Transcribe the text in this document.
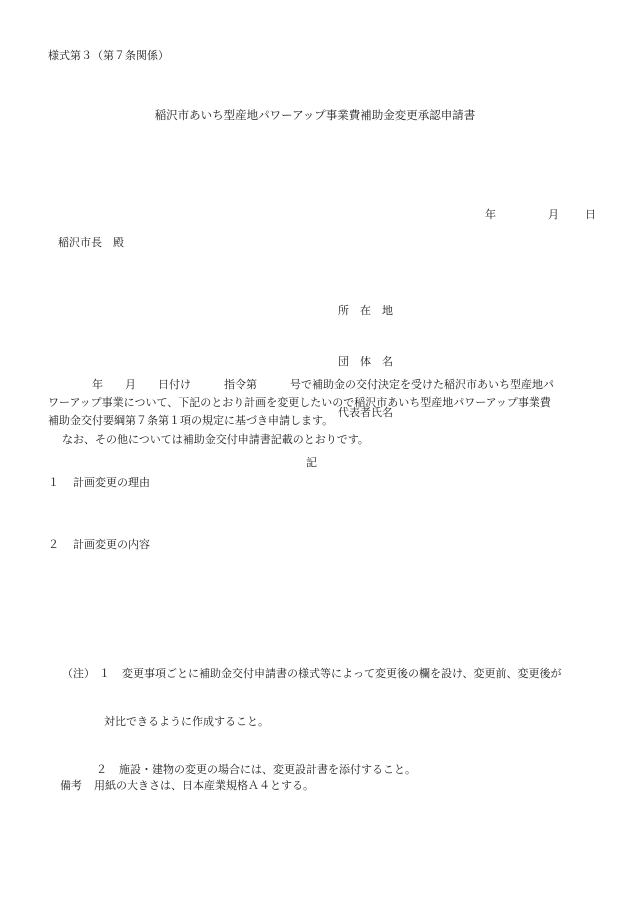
様式第３（第７条関係）
稲沢市あいち型産地パワーアップ事業費補助金変更承認申請書

年	月 日

稲沢市長　殿

所　在　地

団　体　名

代表者氏名

年　　月　　日付け　　　指令第　　　号で補助金の交付決定を受けた稲沢市あいち型産地パ
ワーアップ事業について、下記のとおり計画を変更したいので稲沢市あいち型産地パワーアップ事業費
補助金交付要綱第７条第１項の規定に基づき申請します。
なお、その他については補助金交付申請書記載のとおりです。
記
１ 計画変更の理由
２ 計画変更の内容

（注） １ 変更事項ごとに補助金交付申請書の様式等によって変更後の欄を設け、変更前、変更後が

対比できるように作成すること。

２ 施設・建物の変更の場合には、変更設計書を添付すること。

備考 用紙の大きさは、日本産業規格Ａ４とする。
